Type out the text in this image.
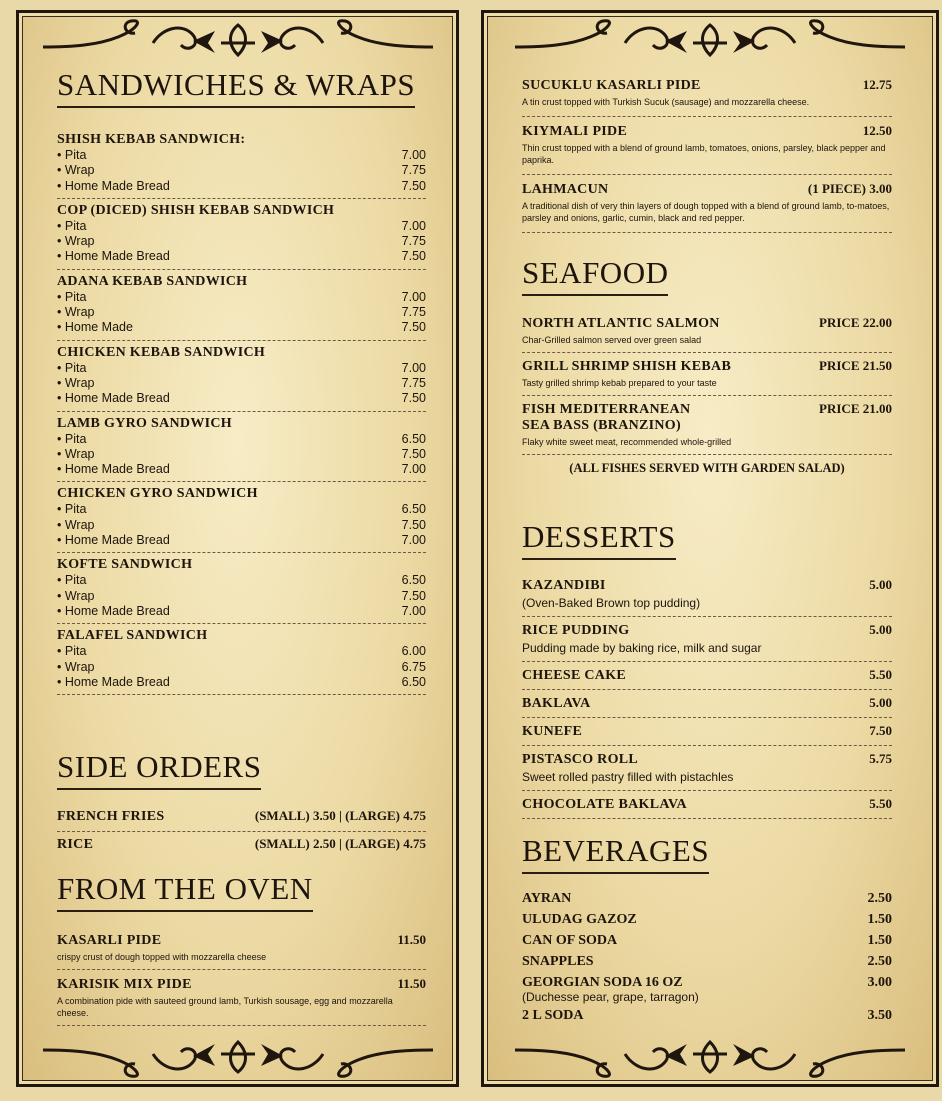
SANDWICHES & WRAPS
SHISH KEBAB SANDWICH:
• Pita	7.00
• Wrap	7.75
• Home Made Bread	7.50
COP (DICED) SHISH KEBAB SANDWICH
• Pita	7.00
• Wrap	7.75
• Home Made Bread	7.50
ADANA KEBAB SANDWICH
• Pita	7.00
• Wrap	7.75
• Home Made	7.50
CHICKEN KEBAB SANDWICH
• Pita	7.00
• Wrap	7.75
• Home Made Bread	7.50
LAMB GYRO SANDWICH
• Pita	6.50
• Wrap	7.50
• Home Made Bread	7.00
CHICKEN GYRO SANDWICH
• Pita	6.50
• Wrap	7.50
• Home Made Bread	7.00
KOFTE SANDWICH
• Pita	6.50
• Wrap	7.50
• Home Made Bread	7.00
FALAFEL SANDWICH
• Pita	6.00
• Wrap	6.75
• Home Made Bread	6.50
SIDE ORDERS
FRENCH FRIES	(SMALL) 3.50 | (LARGE) 4.75
RICE	(SMALL) 2.50 | (LARGE) 4.75
FROM THE OVEN
KASARLI PIDE	11.50
crispy crust of dough topped with mozzarella cheese
KARISIK MIX PIDE	11.50
A combination pide with sauteed ground lamb, Turkish sousage, egg and mozzarella cheese.
SUCUKLU KASARLI PIDE	12.75
A tin crust topped with Turkish Sucuk (sausage) and mozzarella cheese.
KIYMALI PIDE	12.50
Thin crust topped with a blend of ground lamb, tomatoes, onions, parsley, black pepper and paprika.
LAHMACUN	(1 PIECE) 3.00
A traditional dish of very thin layers of dough topped with a blend of ground lamb, to-matoes, parsley and onions, garlic, cumin, black and red pepper.
SEAFOOD
NORTH ATLANTIC SALMON	PRICE 22.00
Char-Grilled salmon served over green salad
GRILL SHRIMP SHISH KEBAB	PRICE 21.50
Tasty grilled shrimp kebab prepared to your taste
FISH MEDITERRANEAN	PRICE 21.00
SEA BASS (BRANZINO)
Flaky white sweet meat, recommended whole-grilled
(ALL FISHES SERVED WITH GARDEN SALAD)
DESSERTS
KAZANDIBI	5.00
(Oven-Baked Brown top pudding)
RICE PUDDING	5.00
Pudding made by baking rice, milk and sugar
CHEESE CAKE	5.50
BAKLAVA	5.00
KUNEFE	7.50
PISTASCO ROLL	5.75
Sweet rolled pastry filled with pistachles
CHOCOLATE BAKLAVA	5.50
BEVERAGES
AYRAN	2.50
ULUDAG GAZOZ	1.50
CAN OF SODA	1.50
SNAPPLES	2.50
GEORGIAN SODA 16 OZ	3.00
(Duchesse pear, grape, tarragon)
2 L SODA	3.50
